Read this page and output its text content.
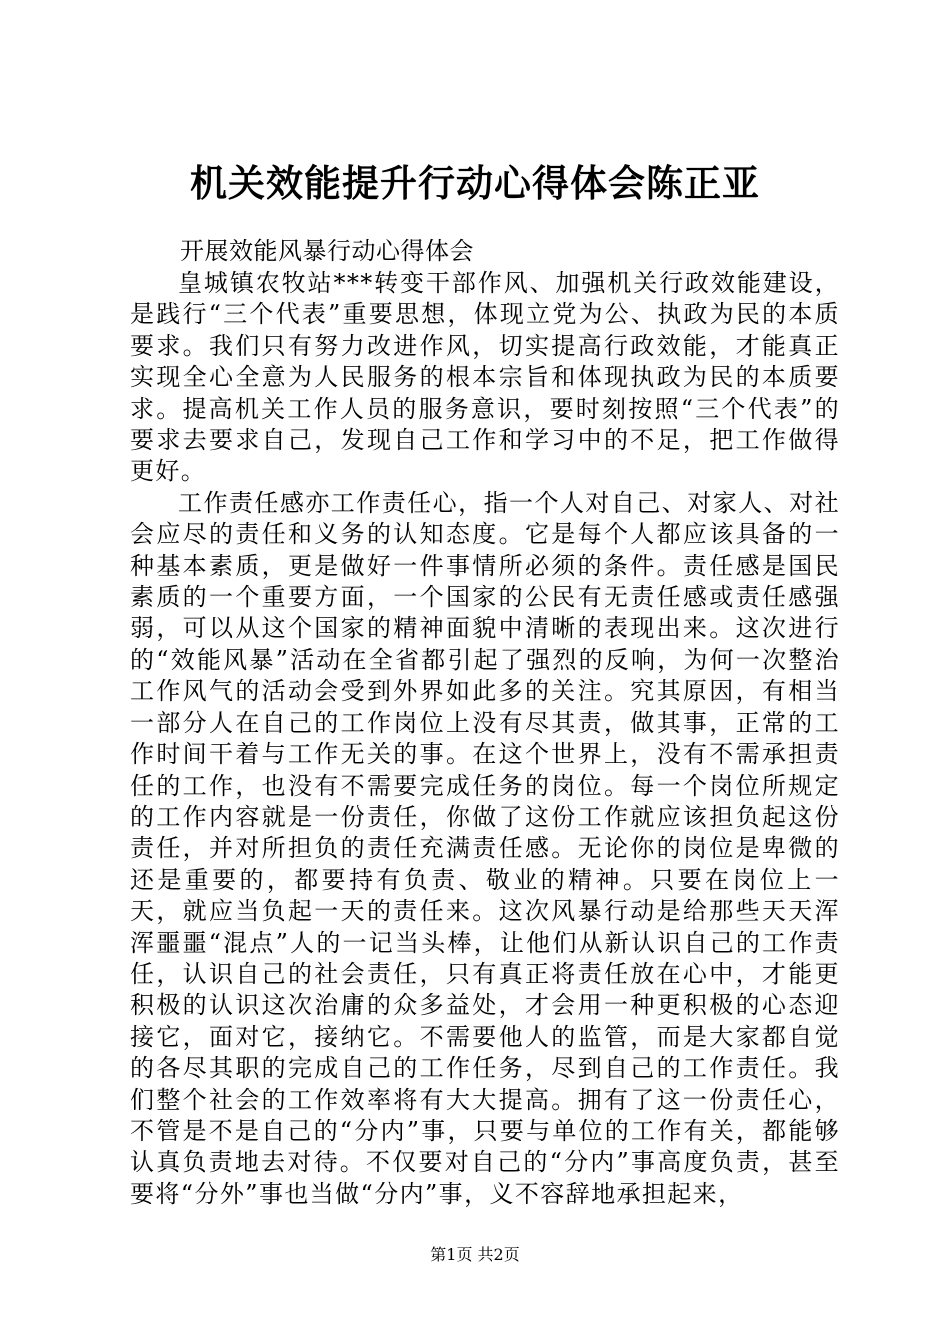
机关效能提升行动心得体会陈正亚

开展效能风暴行动心得体会

皇城镇农牧站***转变干部作风、加强机关行政效能建设，是践行“三个代表”重要思想，体现立党为公、执政为民的本质要求。我们只有努力改进作风，切实提高行政效能，才能真正实现全心全意为人民服务的根本宗旨和体现执政为民的本质要求。提高机关工作人员的服务意识，要时刻按照“三个代表”的要求去要求自己，发现自己工作和学习中的不足，把工作做得更好。

工作责任感亦工作责任心，指一个人对自己、对家人、对社会应尽的责任和义务的认知态度。它是每个人都应该具备的一种基本素质，更是做好一件事情所必须的条件。责任感是国民素质的一个重要方面，一个国家的公民有无责任感或责任感强弱，可以从这个国家的精神面貌中清晰的表现出来。这次进行的“效能风暴”活动在全省都引起了强烈的反响，为何一次整治工作风气的活动会受到外界如此多的关注。究其原因，有相当一部分人在自己的工作岗位上没有尽其责，做其事，正常的工作时间干着与工作无关的事。在这个世界上，没有不需承担责任的工作，也没有不需要完成任务的岗位。每一个岗位所规定的工作内容就是一份责任，你做了这份工作就应该担负起这份责任，并对所担负的责任充满责任感。无论你的岗位是卑微的还是重要的，都要持有负责、敬业的精神。只要在岗位上一天，就应当负起一天的责任来。这次风暴行动是给那些天天浑浑噩噩“混点”人的一记当头棒，让他们从新认识自己的工作责任，认识自己的社会责任，只有真正将责任放在心中，才能更积极的认识这次治庸的众多益处，才会用一种更积极的心态迎接它，面对它，接纳它。不需要他人的监管，而是大家都自觉的各尽其职的完成自己的工作任务，尽到自己的工作责任。我们整个社会的工作效率将有大大提高。拥有了这一份责任心，不管是不是自己的“分内”事，只要与单位的工作有关，都能够认真负责地去对待。不仅要对自己的“分内”事高度负责，甚至要将“分外”事也当做“分内”事，义不容辞地承担起来，

第1页 共2页
